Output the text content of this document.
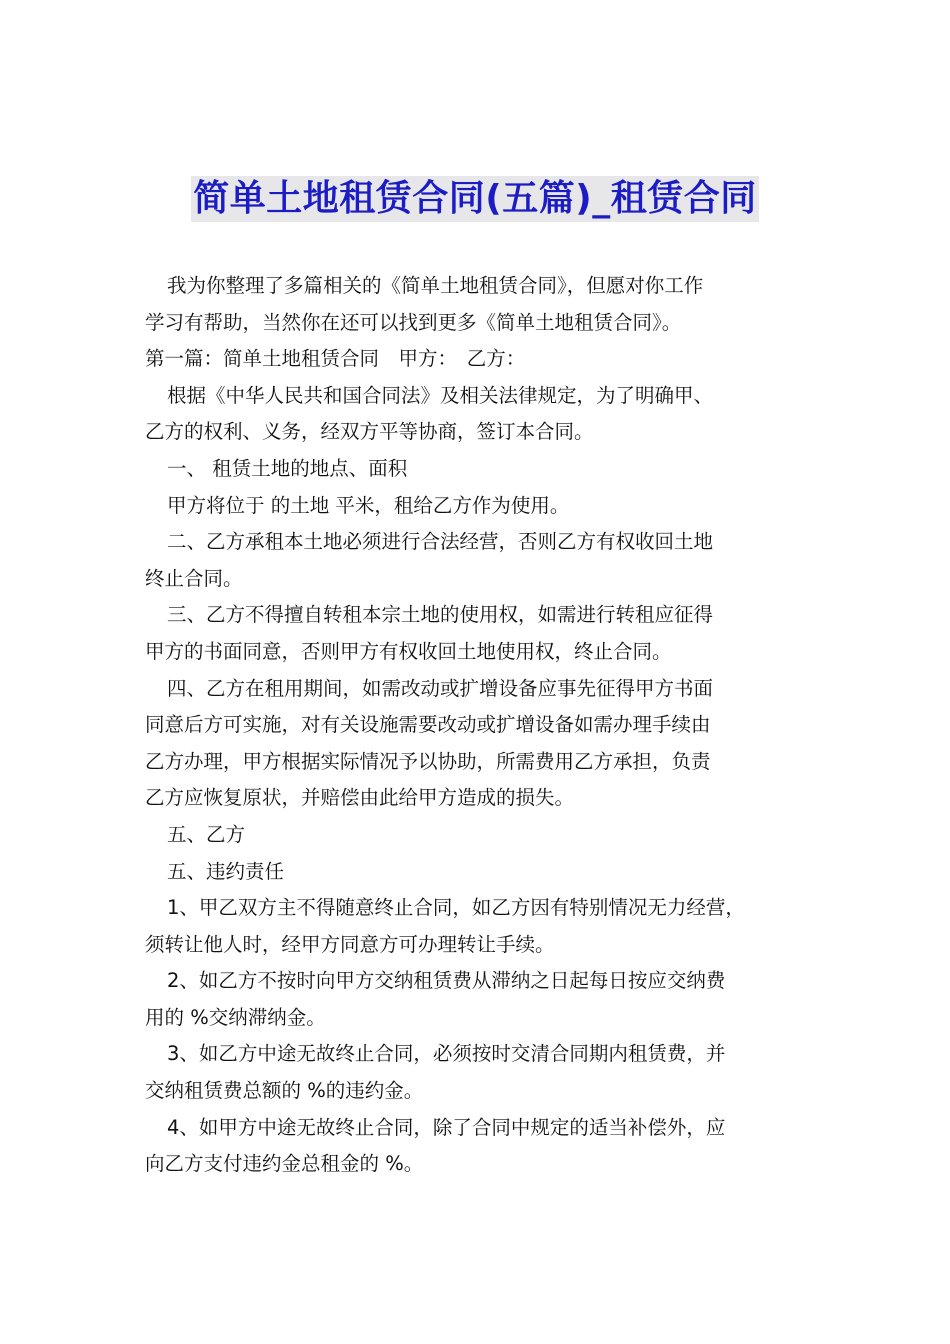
简单土地租赁合同(五篇)_租赁合同

我为你整理了多篇相关的《简单土地租赁合同》，但愿对你工作

学习有帮助，当然你在还可以找到更多《简单土地租赁合同》。

第一篇：简单土地租赁合同　甲方：　乙方：

根据《中华人民共和国合同法》及相关法律规定，为了明确甲、

乙方的权利、义务，经双方平等协商，签订本合同。

一、 租赁土地的地点、面积

甲方将位于 的土地 平米，租给乙方作为使用。

二、乙方承租本土地必须进行合法经营，否则乙方有权收回土地

终止合同。

三、乙方不得擅自转租本宗土地的使用权，如需进行转租应征得

甲方的书面同意，否则甲方有权收回土地使用权，终止合同。

四、乙方在租用期间，如需改动或扩增设备应事先征得甲方书面

同意后方可实施，对有关设施需要改动或扩增设备如需办理手续由

乙方办理，甲方根据实际情况予以协助，所需费用乙方承担，负责

乙方应恢复原状，并赔偿由此给甲方造成的损失。

五、乙方

五、违约责任

1、甲乙双方主不得随意终止合同，如乙方因有特别情况无力经营，

须转让他人时，经甲方同意方可办理转让手续。

2、如乙方不按时向甲方交纳租赁费从滞纳之日起每日按应交纳费

用的 %交纳滞纳金。

3、如乙方中途无故终止合同，必须按时交清合同期内租赁费，并

交纳租赁费总额的 %的违约金。

4、如甲方中途无故终止合同，除了合同中规定的适当补偿外，应

向乙方支付违约金总租金的 %。
